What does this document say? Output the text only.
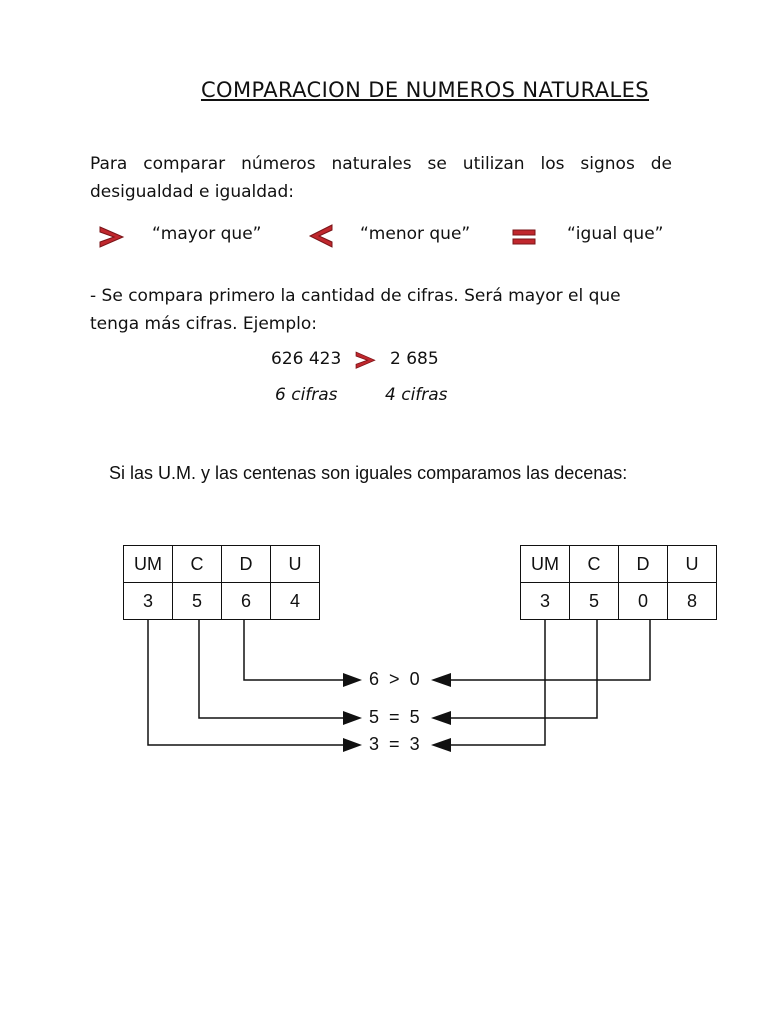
COMPARACION DE NUMEROS NATURALES
Para comparar números naturales se utilizan los signos de desigualdad e igualdad:
“mayor que”	“menor que”	“igual que”
- Se compara primero la cantidad de cifras. Será mayor el que tenga más cifras. Ejemplo:
626 423	2 685
6 cifras	4 cifras
Si las U.M. y las centenas son iguales comparamos las decenas:
UM	C	D	U
3	5	6	4
UM	C	D	U
3	5	0	8
6 > 0
5 = 5
3 = 3
